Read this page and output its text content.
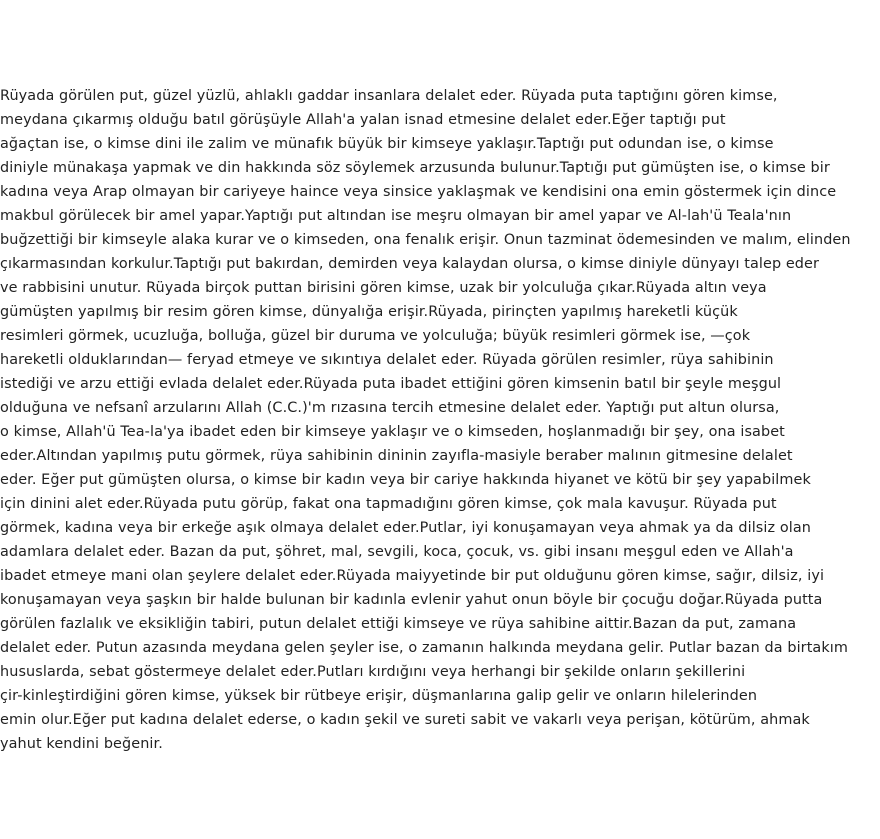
Rüyada görülen put, güzel yüzlü, ahlaklı gaddar insanlara delalet eder. Rüyada puta taptığını gören kimse,
meydana çıkarmış olduğu batıl görüşüyle Allah'a yalan isnad etmesine delalet eder.Eğer taptığı put
ağaçtan ise, o kimse dini ile zalim ve münafık büyük bir kimseye yaklaşır.Taptığı put odundan ise, o kimse
diniyle münakaşa yapmak ve din hakkında söz söylemek arzusunda bulunur.Taptığı put gümüşten ise, o kimse bir
kadına veya Arap olmayan bir cariyeye haince veya sinsice yaklaşmak ve kendisini ona emin göstermek için dince
makbul görülecek bir amel yapar.Yaptığı put altından ise meşru olmayan bir amel yapar ve Al-lah'ü Teala'nın
buğzettiği bir kimseyle alaka kurar ve o kimseden, ona fenalık erişir. Onun tazminat ödemesinden ve malım, elinden
çıkarmasından korkulur.Taptığı put bakırdan, demirden veya kalaydan olursa, o kimse diniyle dünyayı talep eder
ve rabbisini unutur. Rüyada birçok puttan birisini gören kimse, uzak bir yolculuğa çıkar.Rüyada altın veya
gümüşten yapılmış bir resim gören kimse, dünyalığa erişir.Rüyada, pirinçten yapılmış hareketli küçük
resimleri görmek, ucuzluğa, bolluğa, güzel bir duruma ve yolculuğa; büyük resimleri görmek ise, —çok
hareketli olduklarından— feryad etmeye ve sıkıntıya delalet eder. Rüyada görülen resimler, rüya sahibinin
istediği ve arzu ettiği evlada delalet eder.Rüyada puta ibadet ettiğini gören kimsenin batıl bir şeyle meşgul
olduğuna ve nefsanî arzularını Allah (C.C.)'m rızasına tercih etmesine delalet eder. Yaptığı put altun olursa,
o kimse, Allah'ü Tea-la'ya ibadet eden bir kimseye yaklaşır ve o kimseden, hoşlanmadığı bir şey, ona isabet
eder.Altından yapılmış putu görmek, rüya sahibinin dininin zayıfla-masiyle beraber malının gitmesine delalet
eder. Eğer put gümüşten olursa, o kimse bir kadın veya bir cariye hakkında hiyanet ve kötü bir şey yapabilmek
için dinini alet eder.Rüyada putu görüp, fakat ona tapmadığını gören kimse, çok mala kavuşur. Rüyada put
görmek, kadına veya bir erkeğe aşık olmaya delalet eder.Putlar, iyi konuşamayan veya ahmak ya da dilsiz olan
adamlara delalet eder. Bazan da put, şöhret, mal, sevgili, koca, çocuk, vs. gibi insanı meşgul eden ve Allah'a
ibadet etmeye mani olan şeylere delalet eder.Rüyada maiyyetinde bir put olduğunu gören kimse, sağır, dilsiz, iyi
konuşamayan veya şaşkın bir halde bulunan bir kadınla evlenir yahut onun böyle bir çocuğu doğar.Rüyada putta
görülen fazlalık ve eksikliğin tabiri, putun delalet ettiği kimseye ve rüya sahibine aittir.Bazan da put, zamana
delalet eder. Putun azasında meydana gelen şeyler ise, o zamanın halkında meydana gelir. Putlar bazan da birtakım
hususlarda, sebat göstermeye delalet eder.Putları kırdığını veya herhangi bir şekilde onların şekillerini
çir-kinleştirdiğini gören kimse, yüksek bir rütbeye erişir, düşmanlarına galip gelir ve onların hilelerinden
emin olur.Eğer put kadına delalet ederse, o kadın şekil ve sureti sabit ve vakarlı veya perişan, kötürüm, ahmak
yahut kendini beğenir.
